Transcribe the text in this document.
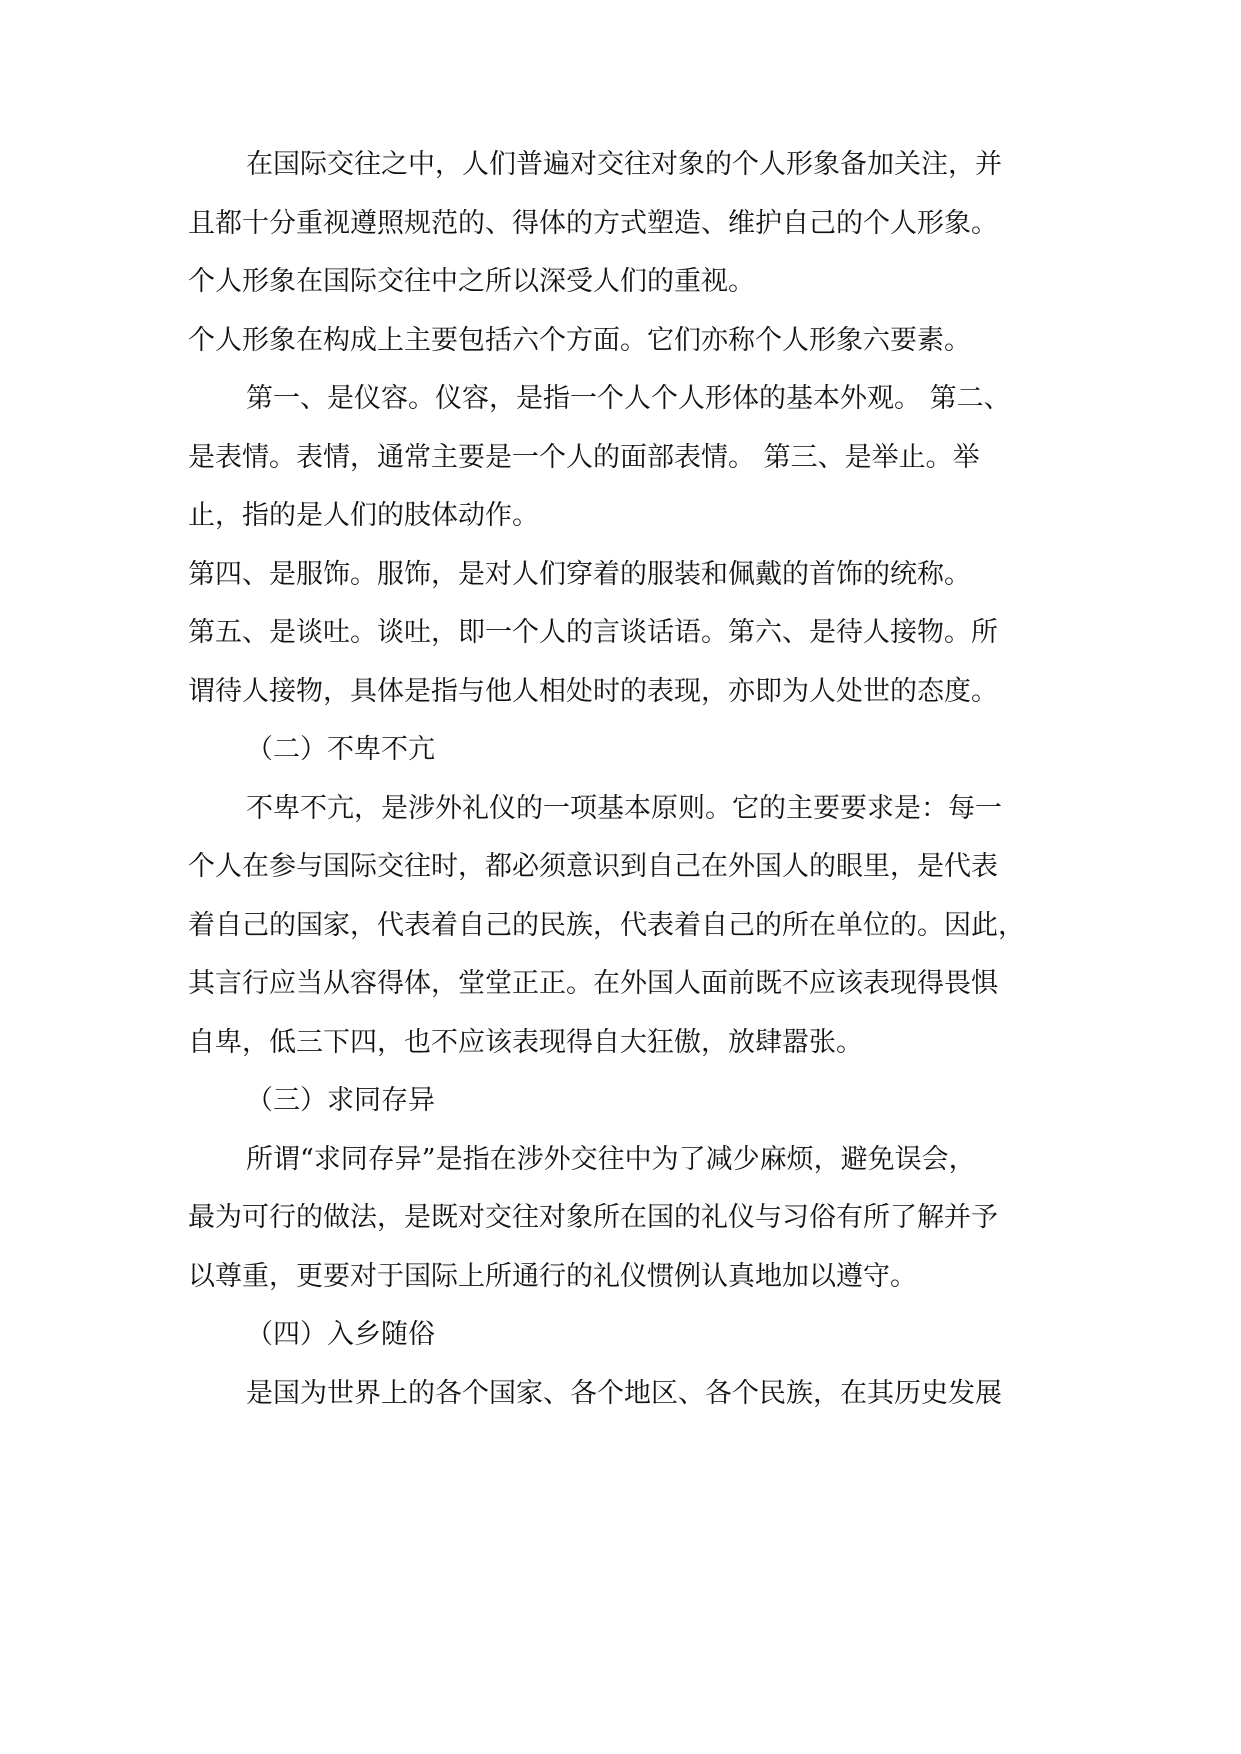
在国际交往之中，人们普遍对交往对象的个人形象备加关注，并
且都十分重视遵照规范的、得体的方式塑造、维护自己的个人形象。
个人形象在国际交往中之所以深受人们的重视。
个人形象在构成上主要包括六个方面。它们亦称个人形象六要素。
第一、是仪容。仪容，是指一个人个人形体的基本外观。 第二、
是表情。表情，通常主要是一个人的面部表情。 第三、是举止。举
止，指的是人们的肢体动作。
第四、是服饰。服饰，是对人们穿着的服装和佩戴的首饰的统称。
第五、是谈吐。谈吐，即一个人的言谈话语。第六、是待人接物。所
谓待人接物，具体是指与他人相处时的表现，亦即为人处世的态度。
（二）不卑不亢
不卑不亢，是涉外礼仪的一项基本原则。它的主要要求是：每一
个人在参与国际交往时，都必须意识到自己在外国人的眼里，是代表
着自己的国家，代表着自己的民族，代表着自己的所在单位的。因此，
其言行应当从容得体，堂堂正正。在外国人面前既不应该表现得畏惧
自卑，低三下四，也不应该表现得自大狂傲，放肆嚣张。
（三）求同存异
所谓“求同存异”是指在涉外交往中为了减少麻烦，避免误会，
最为可行的做法，是既对交往对象所在国的礼仪与习俗有所了解并予
以尊重，更要对于国际上所通行的礼仪惯例认真地加以遵守。
（四）入乡随俗
是国为世界上的各个国家、各个地区、各个民族，在其历史发展
